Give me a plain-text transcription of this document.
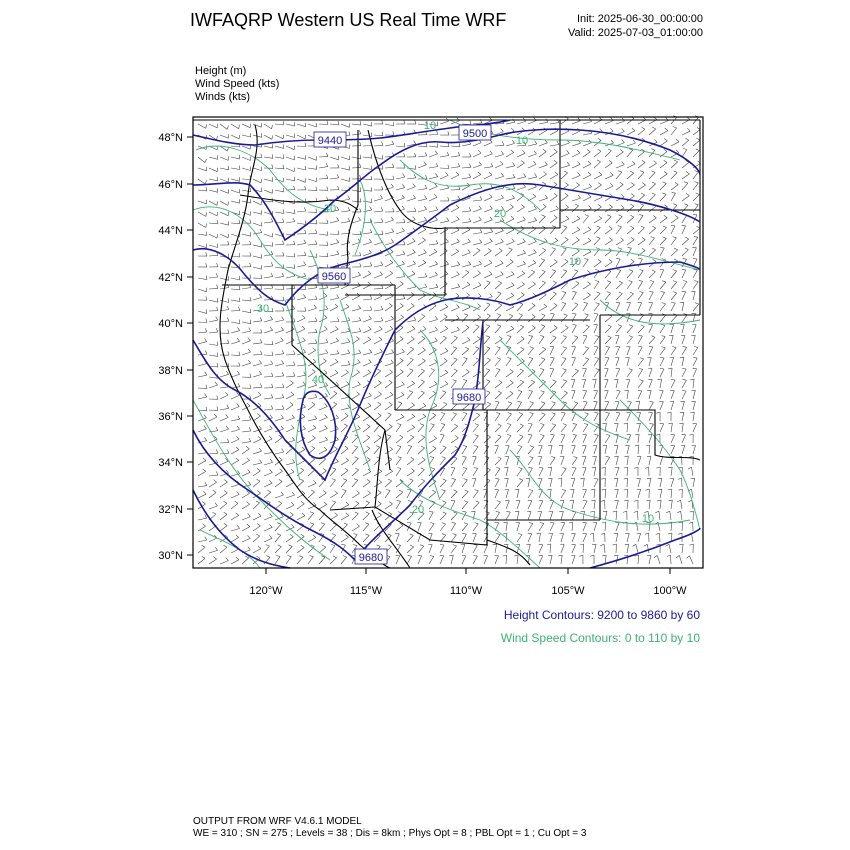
9440
9500
9560
9680
9680
10
10
20
20
30
40
10
20
10
48°N
46°N
44°N
42°N
40°N
38°N
36°N
34°N
32°N
30°N
120°W	115°W	110°W	105°W	100°W
IWFAQRP Western US Real Time WRF	Init: 2025-06-30_00:00:00
Valid: 2025-07-03_01:00:00
Height (m)
Wind Speed (kts)
Winds (kts)
Height Contours: 9200 to 9860 by 60
Wind Speed Contours: 0 to 110 by 10
OUTPUT FROM WRF V4.6.1 MODEL
WE = 310 ; SN = 275 ; Levels = 38 ; Dis = 8km ; Phys Opt = 8 ; PBL Opt = 1 ; Cu Opt = 3
